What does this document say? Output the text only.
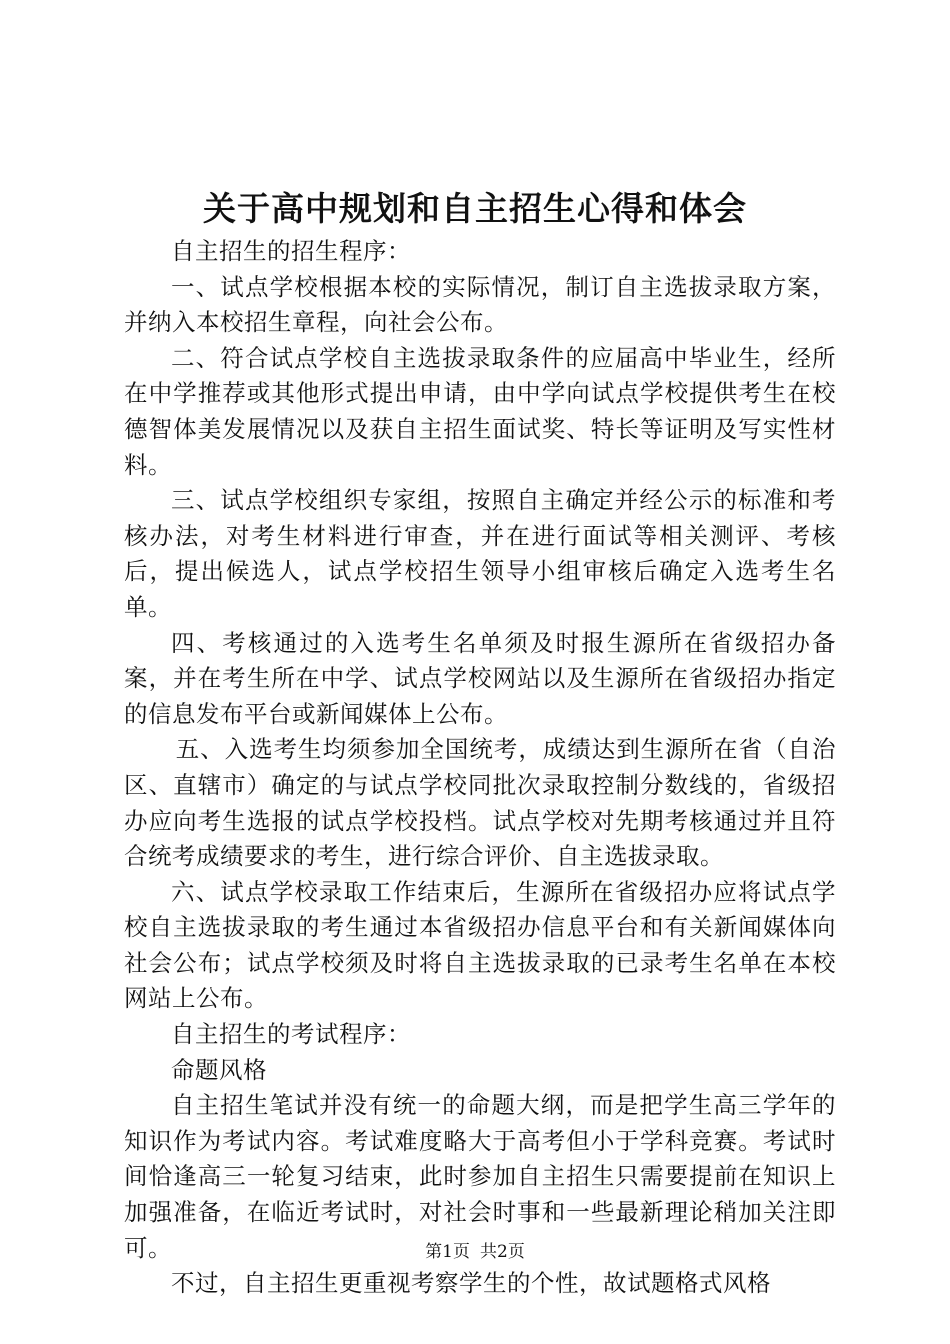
关于高中规划和自主招生心得和体会

自主招生的招生程序：

一、试点学校根据本校的实际情况，制订自主选拔录取方案，并纳入本校招生章程，向社会公布。

二、符合试点学校自主选拔录取条件的应届高中毕业生，经所在中学推荐或其他形式提出申请，由中学向试点学校提供考生在校德智体美发展情况以及获自主招生面试奖、特长等证明及写实性材料。

三、试点学校组织专家组，按照自主确定并经公示的标准和考核办法，对考生材料进行审查，并在进行面试等相关测评、考核后，提出候选人，试点学校招生领导小组审核后确定入选考生名单。

四、考核通过的入选考生名单须及时报生源所在省级招办备案，并在考生所在中学、试点学校网站以及生源所在省级招办指定的信息发布平台或新闻媒体上公布。

五、入选考生均须参加全国统考，成绩达到生源所在省（自治区、直辖市）确定的与试点学校同批次录取控制分数线的，省级招办应向考生选报的试点学校投档。试点学校对先期考核通过并且符合统考成绩要求的考生，进行综合评价、自主选拔录取。

六、试点学校录取工作结束后，生源所在省级招办应将试点学校自主选拔录取的考生通过本省级招办信息平台和有关新闻媒体向社会公布；试点学校须及时将自主选拔录取的已录考生名单在本校网站上公布。

自主招生的考试程序：

命题风格

自主招生笔试并没有统一的命题大纲，而是把学生高三学年的知识作为考试内容。考试难度略大于高考但小于学科竞赛。考试时间恰逢高三一轮复习结束，此时参加自主招生只需要提前在知识上加强准备，在临近考试时，对社会时事和一些最新理论稍加关注即可。

不过，自主招生更重视考察学生的个性，故试题格式风格

第1页 共2页
